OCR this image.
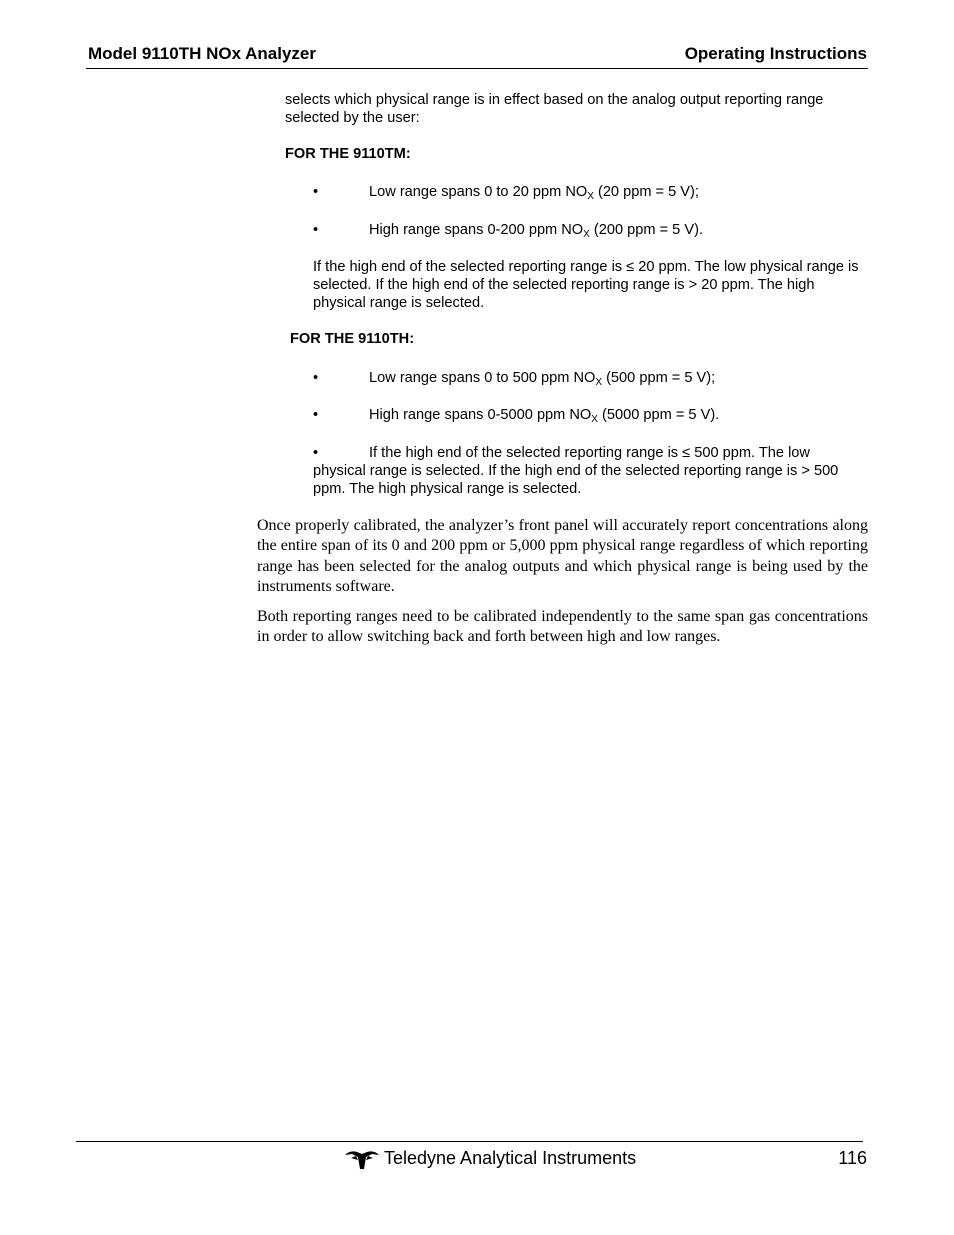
Model 9110TH NOx Analyzer	Operating Instructions
selects which physical range is in effect based on the analog output reporting range selected by the user:
FOR THE 9110TM:
•	Low range spans 0 to 20 ppm $NO_X$ (20 ppm = 5 V);
•	High range spans 0-200 ppm $NO_X$ (200 ppm = 5 V).
If the high end of the selected reporting range is ≤ 20 ppm. The low physical range is selected. If the high end of the selected reporting range is > 20 ppm. The high physical range is selected.
FOR THE 9110TH:
•	Low range spans 0 to 500 ppm $NO_X$ (500 ppm = 5 V);
•	High range spans 0-5000 ppm $NO_X$ (5000 ppm = 5 V).
•	If the high end of the selected reporting range is ≤ 500 ppm. The low physical range is selected. If the high end of the selected reporting range is > 500 ppm. The high physical range is selected.
Once properly calibrated, the analyzer’s front panel will accurately report concentrations along the entire span of its 0 and 200 ppm or 5,000 ppm physical range regardless of which reporting range has been selected for the analog outputs and which physical range is being used by the instruments software.
Both reporting ranges need to be calibrated independently to the same span gas concentrations in order to allow switching back and forth between high and low ranges.
Teledyne Analytical Instruments	116
